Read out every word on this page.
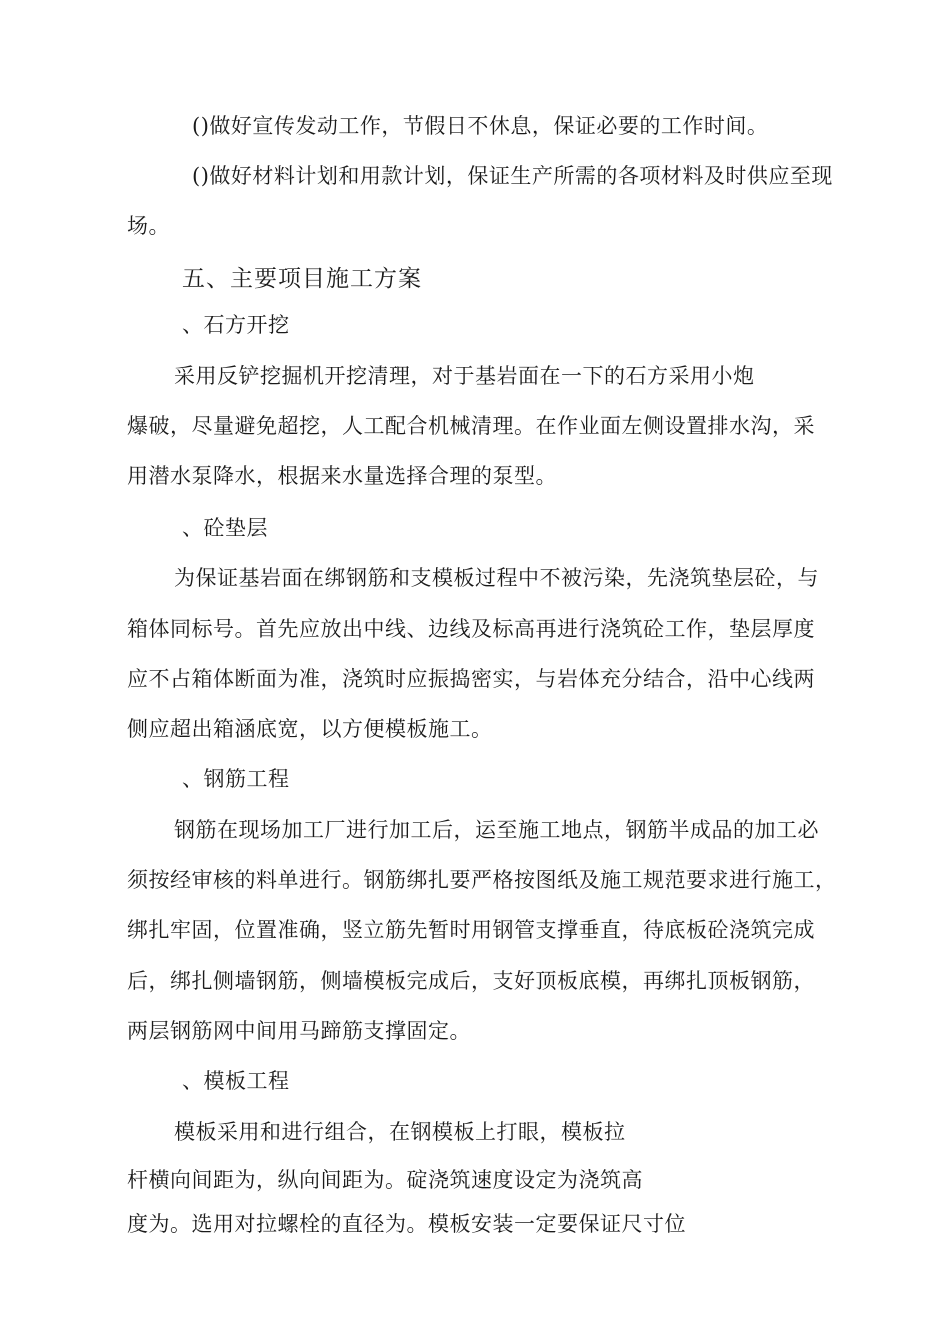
()做好宣传发动工作，节假日不休息，保证必要的工作时间。
()做好材料计划和用款计划，保证生产所需的各项材料及时供应至现
场。
五、主要项目施工方案
、石方开挖
采用反铲挖掘机开挖清理，对于基岩面在一下的石方采用小炮
爆破，尽量避免超挖，人工配合机械清理。在作业面左侧设置排水沟，采
用潜水泵降水，根据来水量选择合理的泵型。
、砼垫层
为保证基岩面在绑钢筋和支模板过程中不被污染，先浇筑垫层砼，与
箱体同标号。首先应放出中线、边线及标高再进行浇筑砼工作，垫层厚度
应不占箱体断面为准，浇筑时应振捣密实，与岩体充分结合，沿中心线两
侧应超出箱涵底宽，以方便模板施工。
、钢筋工程
钢筋在现场加工厂进行加工后，运至施工地点，钢筋半成品的加工必
须按经审核的料单进行。钢筋绑扎要严格按图纸及施工规范要求进行施工，
绑扎牢固，位置准确，竖立筋先暂时用钢管支撑垂直，待底板砼浇筑完成
后，绑扎侧墙钢筋，侧墙模板完成后，支好顶板底模，再绑扎顶板钢筋，
两层钢筋网中间用马蹄筋支撑固定。
、模板工程
模板采用和进行组合，在钢模板上打眼，模板拉
杆横向间距为，纵向间距为。碇浇筑速度设定为浇筑高
度为。选用对拉螺栓的直径为。模板安装一定要保证尺寸位
